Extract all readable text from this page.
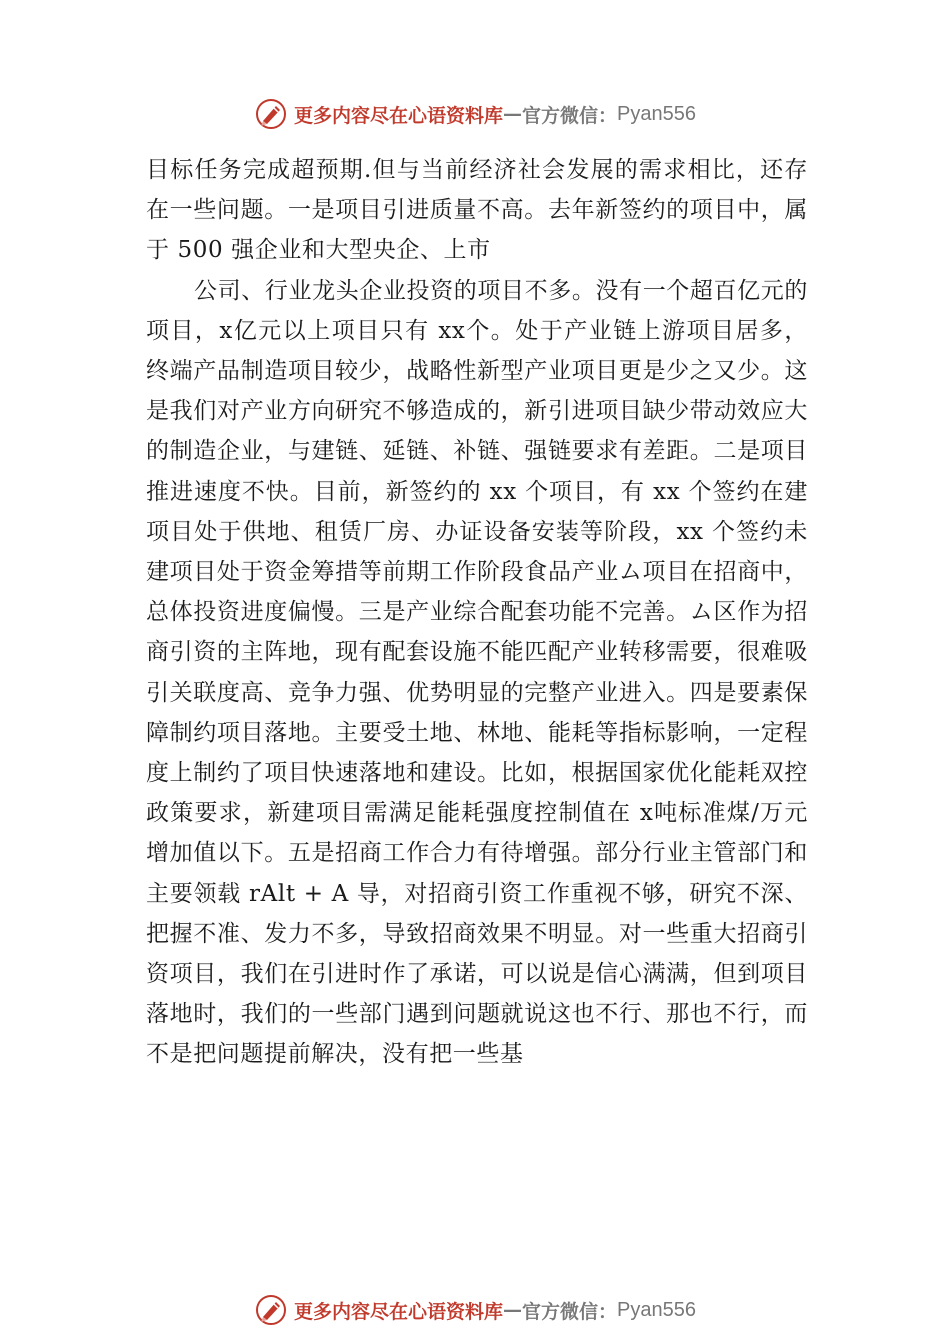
更多内容尽在心语资料库 — 官方微信： Pyan556

目标任务完成超预期.但与当前经济社会发展的需求相比，还存在一些问题。一是项目引进质量不高。去年新签约的项目中，属于 500 强企业和大型央企、上市

公司、行业龙头企业投资的项目不多。没有一个超百亿元的项目，x亿元以上项目只有 xx个。处于产业链上游项目居多，终端产品制造项目较少，战略性新型产业项目更是少之又少。这是我们对产业方向研究不够造成的，新引进项目缺少带动效应大的制造企业，与建链、延链、补链、强链要求有差距。二是项目推进速度不快。目前，新签约的 xx 个项目，有 xx 个签约在建项目处于供地、租赁厂房、办证设备安装等阶段，xx 个签约未建项目处于资金筹措等前期工作阶段食品产业ム项目在招商中，总体投资进度偏慢。三是产业综合配套功能不完善。ム区作为招商引资的主阵地，现有配套设施不能匹配产业转移需要，很难吸引关联度高、竞争力强、优势明显的完整产业进入。四是要素保障制约项目落地。主要受土地、林地、能耗等指标影响，一定程度上制约了项目快速落地和建设。比如，根据国家优化能耗双控政策要求，新建项目需满足能耗强度控制值在 x吨标准煤/万元增加值以下。五是招商工作合力有待增强。部分行业主管部门和主要领载 rAlt + A 导，对招商引资工作重视不够，研究不深、把握不准、发力不多，导致招商效果不明显。对一些重大招商引资项目，我们在引进时作了承诺，可以说是信心满满，但到项目落地时，我们的一些部门遇到问题就说这也不行、那也不行，而不是把问题提前解决，没有把一些基

更多内容尽在心语资料库 — 官方微信： Pyan556
